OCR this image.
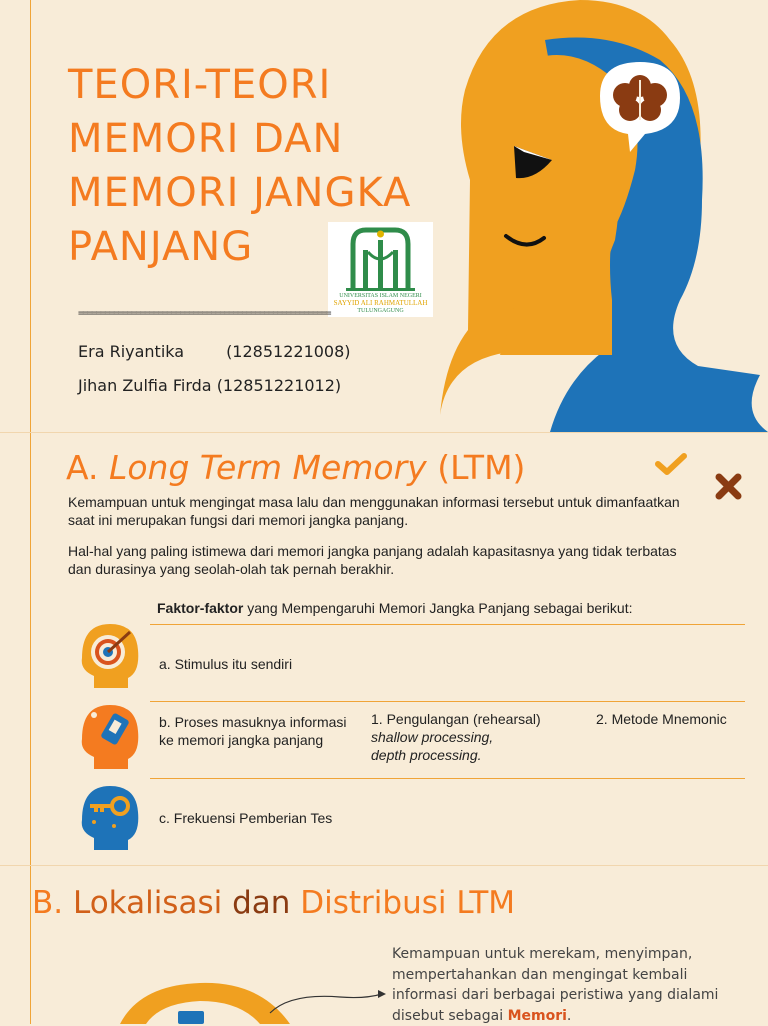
TEORI-TEORI
MEMORI DAN
MEMORI JANGKA
PANJANG
UNIVERSITAS ISLAM NEGERI
SAYYID ALI RAHMATULLAH
TULUNGAGUNG
=========================================================
Era Riyantika	(12851221008)
Jihan Zulfia Firda (12851221012)
A. Long Term Memory (LTM)

Kemampuan untuk mengingat masa lalu dan menggunakan informasi tersebut untuk dimanfaatkan saat ini merupakan fungsi dari memori jangka panjang.

Hal-hal yang paling istimewa dari memori jangka panjang adalah kapasitasnya yang tidak terbatas dan durasinya yang seolah-olah tak pernah berakhir.

Faktor-faktor yang Mempengaruhi Memori Jangka Panjang sebagai berikut:
a. Stimulus itu sendiri
b. Proses masuknya informasi ke memori jangka panjang
1. Pengulangan (rehearsal)
shallow processing,
depth processing.
2. Metode Mnemonic
c. Frekuensi Pemberian Tes
B. Lokalisasi dan Distribusi LTM

Kemampuan untuk merekam, menyimpan, mempertahankan dan mengingat kembali informasi dari berbagai peristiwa yang dialami disebut sebagai Memori.
